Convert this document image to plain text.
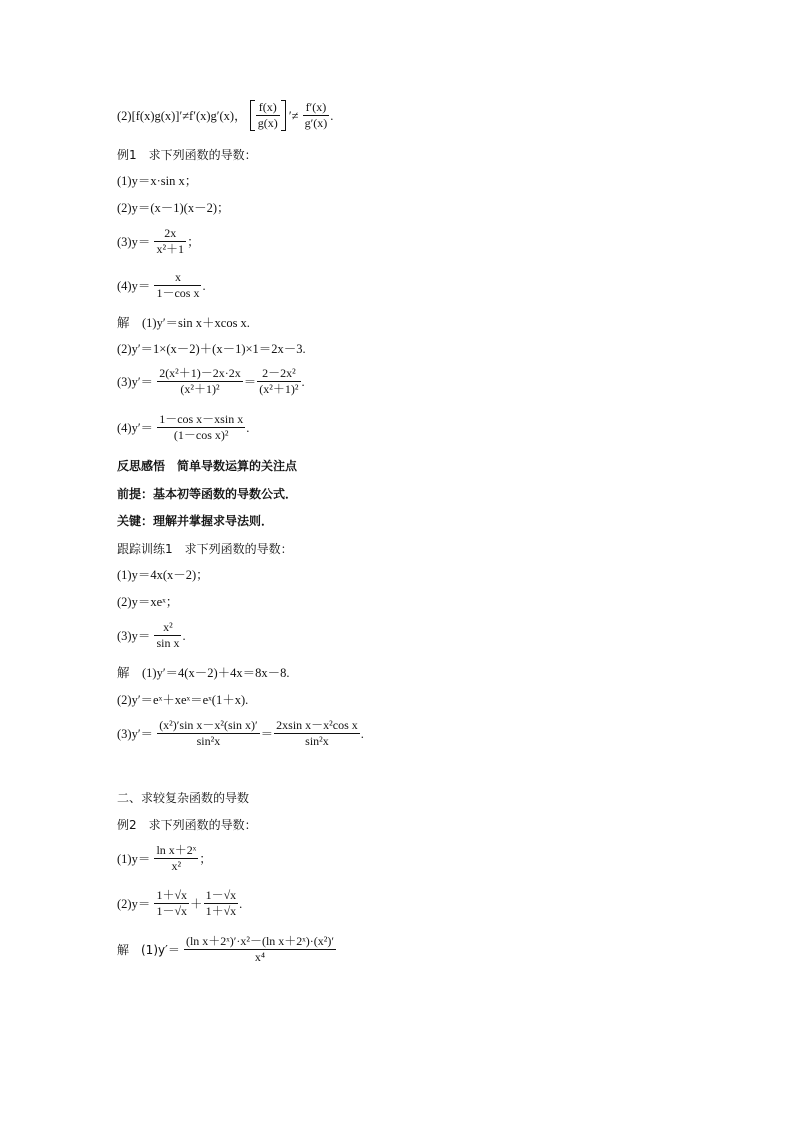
(2)[f(x)g(x)]′≠f′(x)g′(x)， $\frac{f(x)}{g(x)}$ ′≠ $\frac{f'(x)}{g'(x)}$ .
例1　求下列函数的导数：
(1)y＝x·sin x；
(2)y＝(x－1)(x－2)；
$(3)y= \frac{2x}{\text{x²＋1}}$ ；
$(4)y= \frac{x}{\text{1－cos x}}$ .
解　(1)y′＝sin x＋xcos x.
(2)y′＝1×(x－2)＋(x－1)×1＝2x－3.
$(3)y'= \frac{\text{2(x²＋1)－2x·2x}}{\text{(x²＋1)²}} = \frac{\text{2－2x²}}{\text{(x²＋1)²}}$ .
$(4)y'= \frac{\text{1－cos x－xsin x}}{\text{(1－cos x)²}}$ .
反思感悟　简单导数运算的关注点
前提：基本初等函数的导数公式．
关键：理解并掌握求导法则．
跟踪训练1　求下列函数的导数：
(1)y＝4x(x－2)；
(2)y＝xeˣ；
$(3)y= \frac{\text{x²}}{\text{sin x}}$ .
解　(1)y′＝4(x－2)＋4x＝8x－8.
(2)y′＝eˣ＋xeˣ＝eˣ(1＋x).
$(3)y'= \frac{\text{(x²)′sin x－x²(sin x)′}}{\text{sin²x}} = \frac{\text{2xsin x－x²cos x}}{\text{sin²x}}$ .
二、求较复杂函数的导数
例2　求下列函数的导数：
$(1)y= \frac{\text{ln x＋2ˣ}}{\text{x²}}$ ；
$(2)y= \frac{1+√x}{1-√x} + \frac{1-√x}{1+√x}$ .
解　$(1)y'= \frac{\text{(ln x＋2ˣ)′·x²－(ln x＋2ˣ)·(x²)′}}{\text{x⁴}}$
